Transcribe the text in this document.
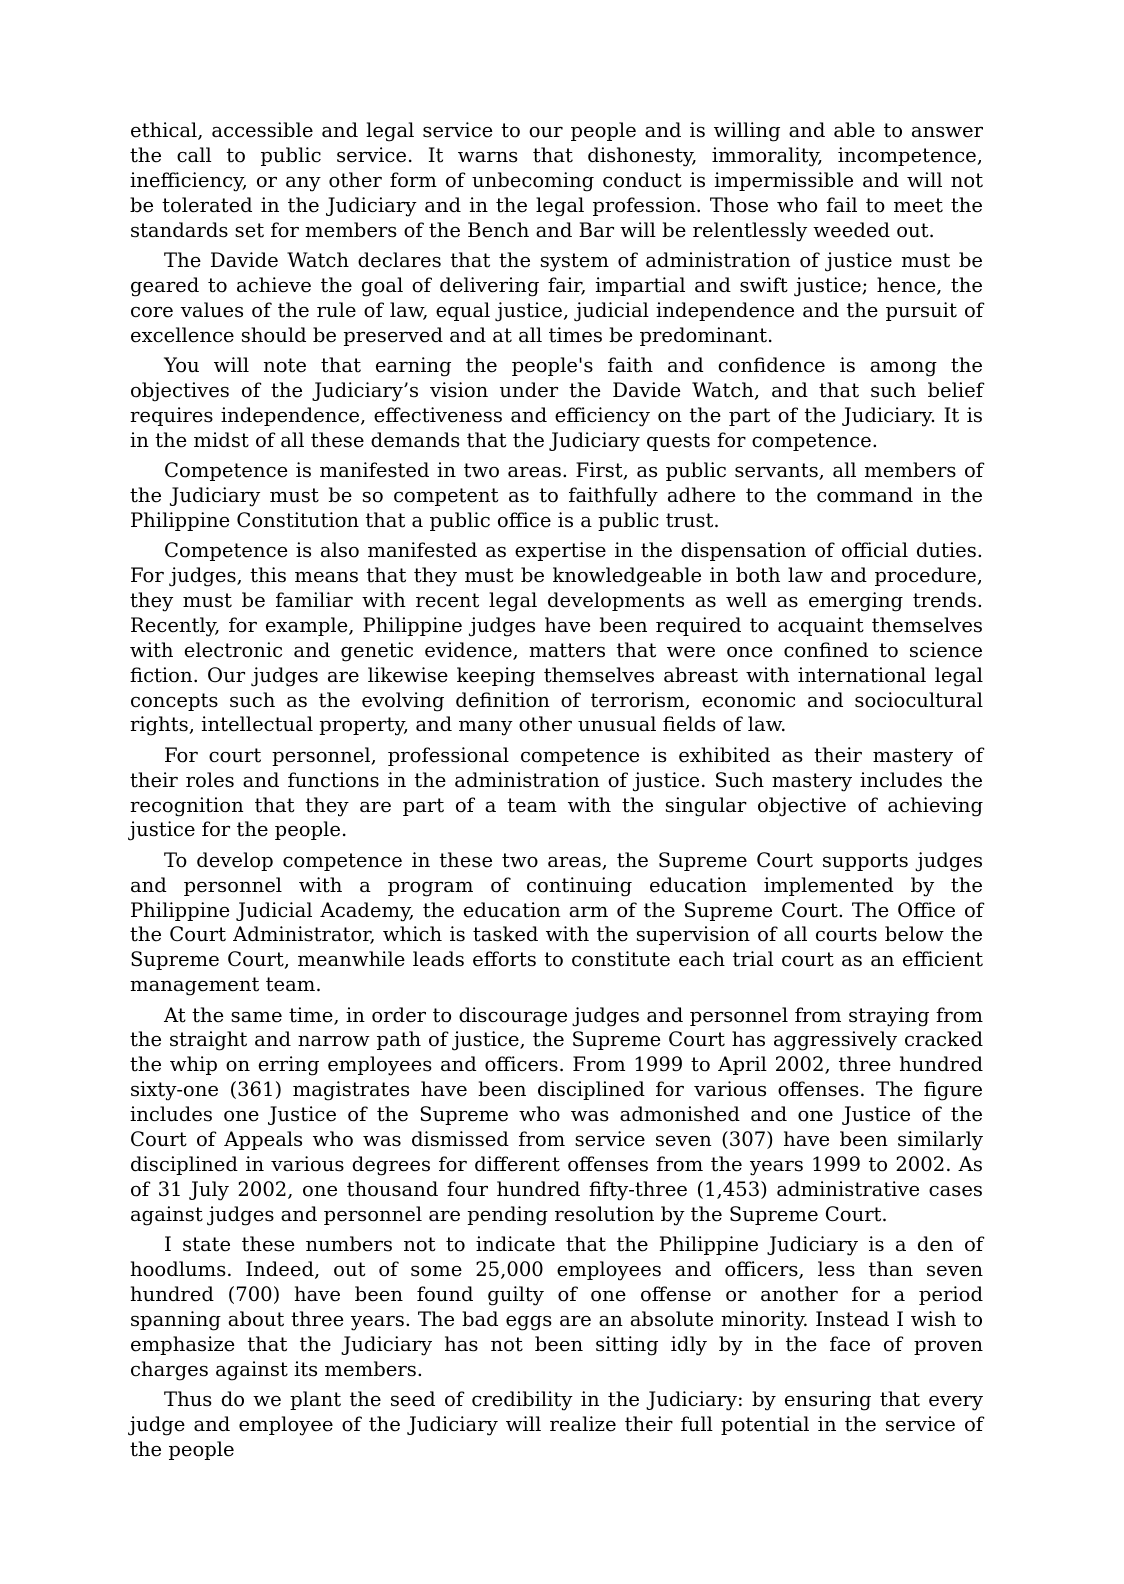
ethical, accessible and legal service to our people and is willing and able to answer the call to public service. It warns that dishonesty, immorality, incompetence, inefficiency, or any other form of unbecoming conduct is impermissible and will not be tolerated in the Judiciary and in the legal profession. Those who fail to meet the standards set for members of the Bench and Bar will be relentlessly weeded out.

The Davide Watch declares that the system of administration of justice must be geared to achieve the goal of delivering fair, impartial and swift justice; hence, the core values of the rule of law, equal justice, judicial independence and the pursuit of excellence should be preserved and at all times be predominant.

You will note that earning the people's faith and confidence is among the objectives of the Judiciary’s vision under the Davide Watch, and that such belief requires independence, effectiveness and efficiency on the part of the Judiciary. It is in the midst of all these demands that the Judiciary quests for competence.

Competence is manifested in two areas. First, as public servants, all members of the Judiciary must be so competent as to faithfully adhere to the command in the Philippine Constitution that a public office is a public trust.

Competence is also manifested as expertise in the dispensation of official duties. For judges, this means that they must be knowledgeable in both law and procedure, they must be familiar with recent legal developments as well as emerging trends. Recently, for example, Philippine judges have been required to acquaint themselves with electronic and genetic evidence, matters that were once confined to science fiction. Our judges are likewise keeping themselves abreast with international legal concepts such as the evolving definition of terrorism, economic and sociocultural rights, intellectual property, and many other unusual fields of law.

For court personnel, professional competence is exhibited as their mastery of their roles and functions in the administration of justice. Such mastery includes the recognition that they are part of a team with the singular objective of achieving justice for the people.

To develop competence in these two areas, the Supreme Court supports judges and personnel with a program of continuing education implemented by the Philippine Judicial Academy, the education arm of the Supreme Court. The Office of the Court Administrator, which is tasked with the supervision of all courts below the Supreme Court, meanwhile leads efforts to constitute each trial court as an efficient management team.

At the same time, in order to discourage judges and personnel from straying from the straight and narrow path of justice, the Supreme Court has aggressively cracked the whip on erring employees and officers. From 1999 to April 2002, three hundred sixty-one (361) magistrates have been disciplined for various offenses. The figure includes one Justice of the Supreme who was admonished and one Justice of the Court of Appeals who was dismissed from service seven (307) have been similarly disciplined in various degrees for different offenses from the years 1999 to 2002. As of 31 July 2002, one thousand four hundred fifty-three (1,453) administrative cases against judges and personnel are pending resolution by the Supreme Court.

I state these numbers not to indicate that the Philippine Judiciary is a den of hoodlums. Indeed, out of some 25,000 employees and officers, less than seven hundred (700) have been found guilty of one offense or another for a period spanning about three years. The bad eggs are an absolute minority. Instead I wish to emphasize that the Judiciary has not been sitting idly by in the face of proven charges against its members.

Thus do we plant the seed of credibility in the Judiciary: by ensuring that every judge and employee of the Judiciary will realize their full potential in the service of the people
